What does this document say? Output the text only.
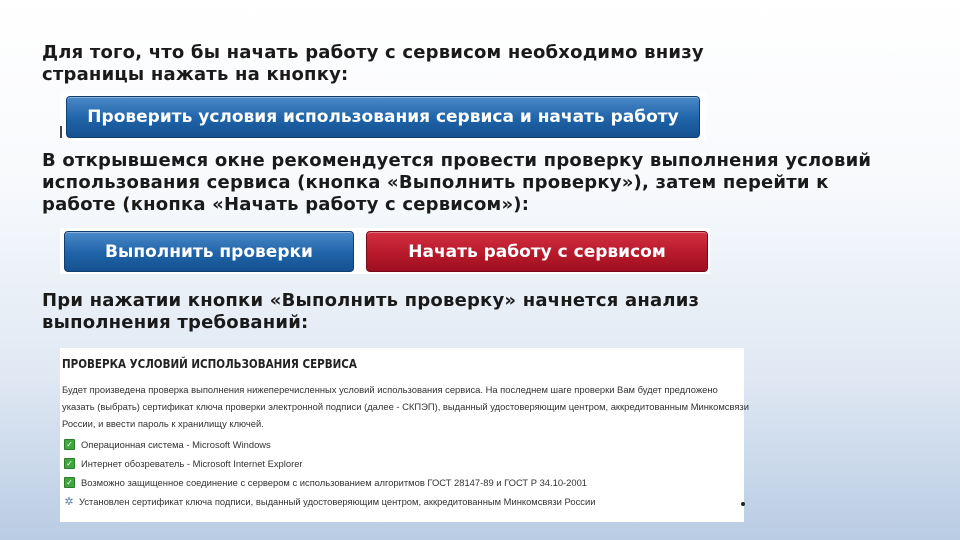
Для того, что бы начать работу с сервисом необходимо внизу страницы нажать на кнопку:

Проверить условия использования сервиса и начать работу

В открывшемся окне рекомендуется провести проверку выполнения условий использования сервиса (кнопка «Выполнить проверку»), затем перейти к работе (кнопка «Начать работу с сервисом»):

Выполнить проверки	Начать работу с сервисом

При нажатии кнопки «Выполнить проверку» начнется анализ выполнения требований:

ПРОВЕРКА УСЛОВИЙ ИСПОЛЬЗОВАНИЯ СЕРВИСА
Будет произведена проверка выполнения нижеперечисленных условий использования сервиса. На последнем шаге проверки Вам будет предложено указать (выбрать) сертификат ключа проверки электронной подписи (далее - СКПЭП), выданный удостоверяющим центром, аккредитованным Минкомсвязи России, и ввести пароль к хранилищу ключей.
✓ Операционная система - Microsoft Windows
✓ Интернет обозреватель - Microsoft Internet Explorer
✓ Возможно защищенное соединение с сервером с использованием алгоритмов ГОСТ 28147-89 и ГОСТ Р 34.10-2001
✲ Установлен сертификат ключа подписи, выданный удостоверяющим центром, аккредитованным Минкомсвязи России
